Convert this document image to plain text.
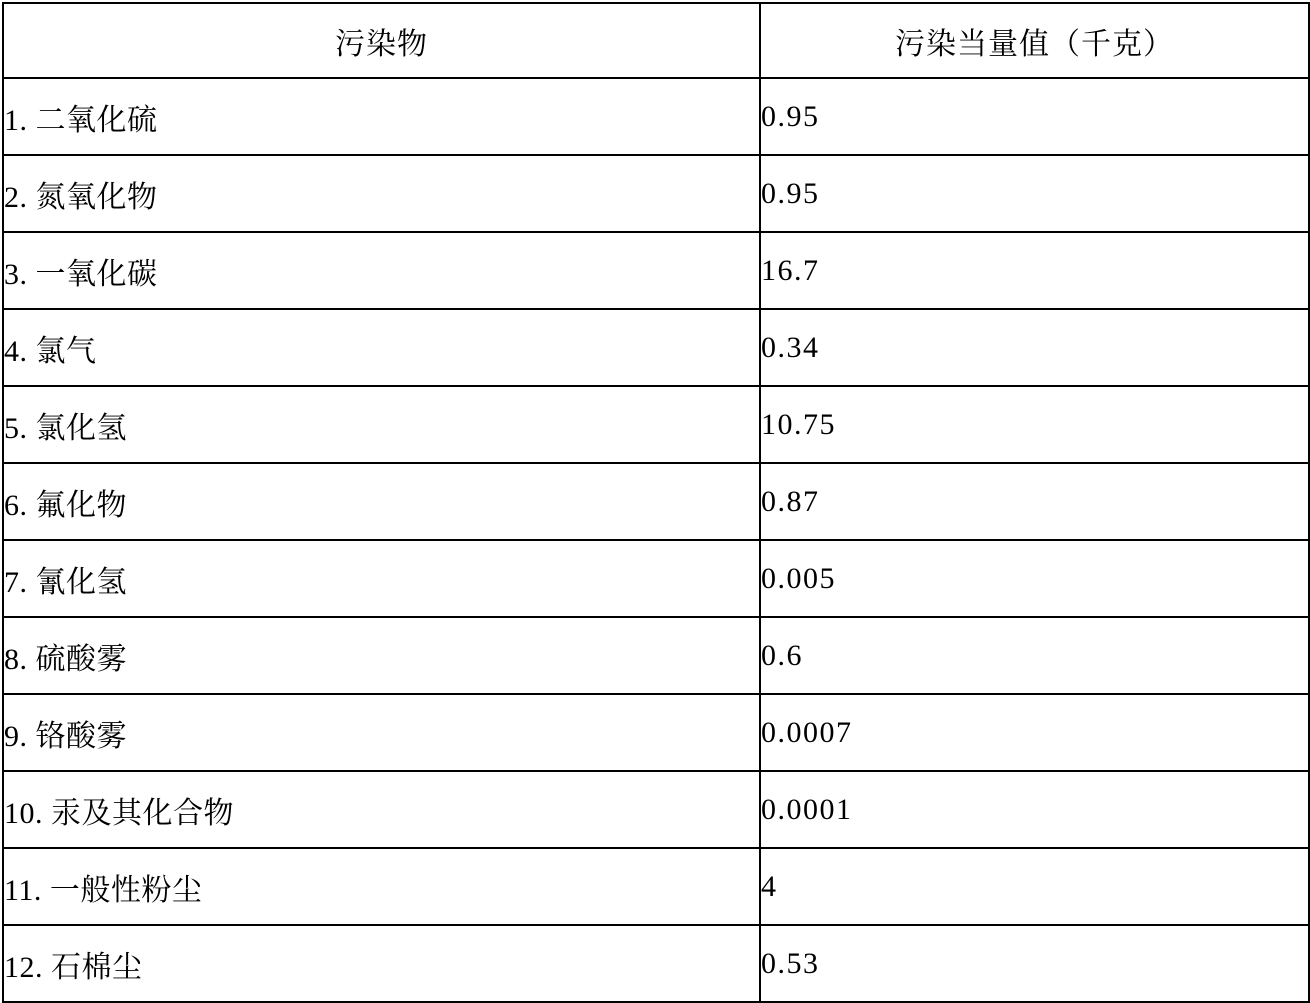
污染物	污染当量值（千克）
1. 二氧化硫	0.95
2. 氮氧化物	0.95
3. 一氧化碳	16.7
4. 氯气	0.34
5. 氯化氢	10.75
6. 氟化物	0.87
7. 氰化氢	0.005
8. 硫酸雾	0.6
9. 铬酸雾	0.0007
10. 汞及其化合物	0.0001
11. 一般性粉尘	4
12. 石棉尘	0.53
